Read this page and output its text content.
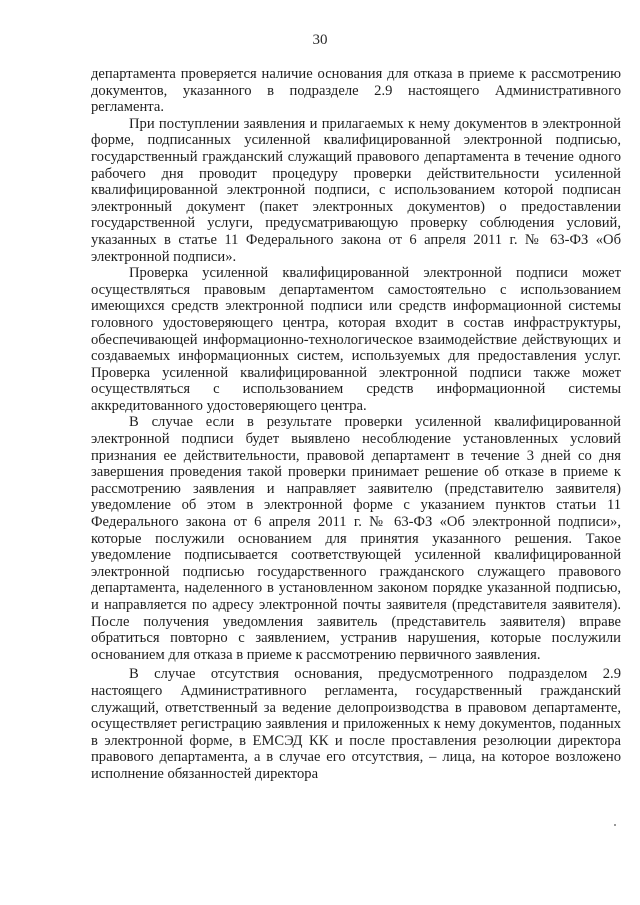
30

департамента проверяется наличие основания для отказа в приеме к рассмотрению документов, указанного в подразделе 2.9 настоящего Административного регламента.

При поступлении заявления и прилагаемых к нему документов в электронной форме, подписанных усиленной квалифицированной электронной подписью, государственный гражданский служащий правового департамента в течение одного рабочего дня проводит процедуру проверки действительности усиленной квалифицированной электронной подписи, с использованием которой подписан электронный документ (пакет электронных документов) о предоставлении государственной услуги, предусматривающую проверку соблюдения условий, указанных в статье 11 Федерального закона от 6 апреля 2011 г. № 63-ФЗ «Об электронной подписи».

Проверка усиленной квалифицированной электронной подписи может осуществляться правовым департаментом самостоятельно с использованием имеющихся средств электронной подписи или средств информационной системы головного удостоверяющего центра, которая входит в состав инфраструктуры, обеспечивающей информационно-технологическое взаимодействие действующих и создаваемых информационных систем, используемых для предоставления услуг. Проверка усиленной квалифицированной электронной подписи также может осуществляться с использованием средств информационной системы аккредитованного удостоверяющего центра.

В случае если в результате проверки усиленной квалифицированной электронной подписи будет выявлено несоблюдение установленных условий признания ее действительности, правовой департамент в течение 3 дней со дня завершения проведения такой проверки принимает решение об отказе в приеме к рассмотрению заявления и направляет заявителю (представителю заявителя) уведомление об этом в электронной форме с указанием пунктов статьи 11 Федерального закона от 6 апреля 2011 г. № 63-ФЗ «Об электронной подписи», которые послужили основанием для принятия указанного решения. Такое уведомление подписывается соответствующей усиленной квалифицированной электронной подписью государственного гражданского служащего правового департамента, наделенного в установленном законом порядке указанной подписью, и направляется по адресу электронной почты заявителя (представителя заявителя). После получения уведомления заявитель (представитель заявителя) вправе обратиться повторно с заявлением, устранив нарушения, которые послужили основанием для отказа в приеме к рассмотрению первичного заявления.

В случае отсутствия основания, предусмотренного подразделом 2.9 настоящего Административного регламента, государственный гражданский служащий, ответственный за ведение делопроизводства в правовом департаменте, осуществляет регистрацию заявления и приложенных к нему документов, поданных в электронной форме, в ЕМСЭД КК и после проставления резолюции директора правового департамента, а в случае его отсутствия, – лица, на которое возложено исполнение обязанностей директора
